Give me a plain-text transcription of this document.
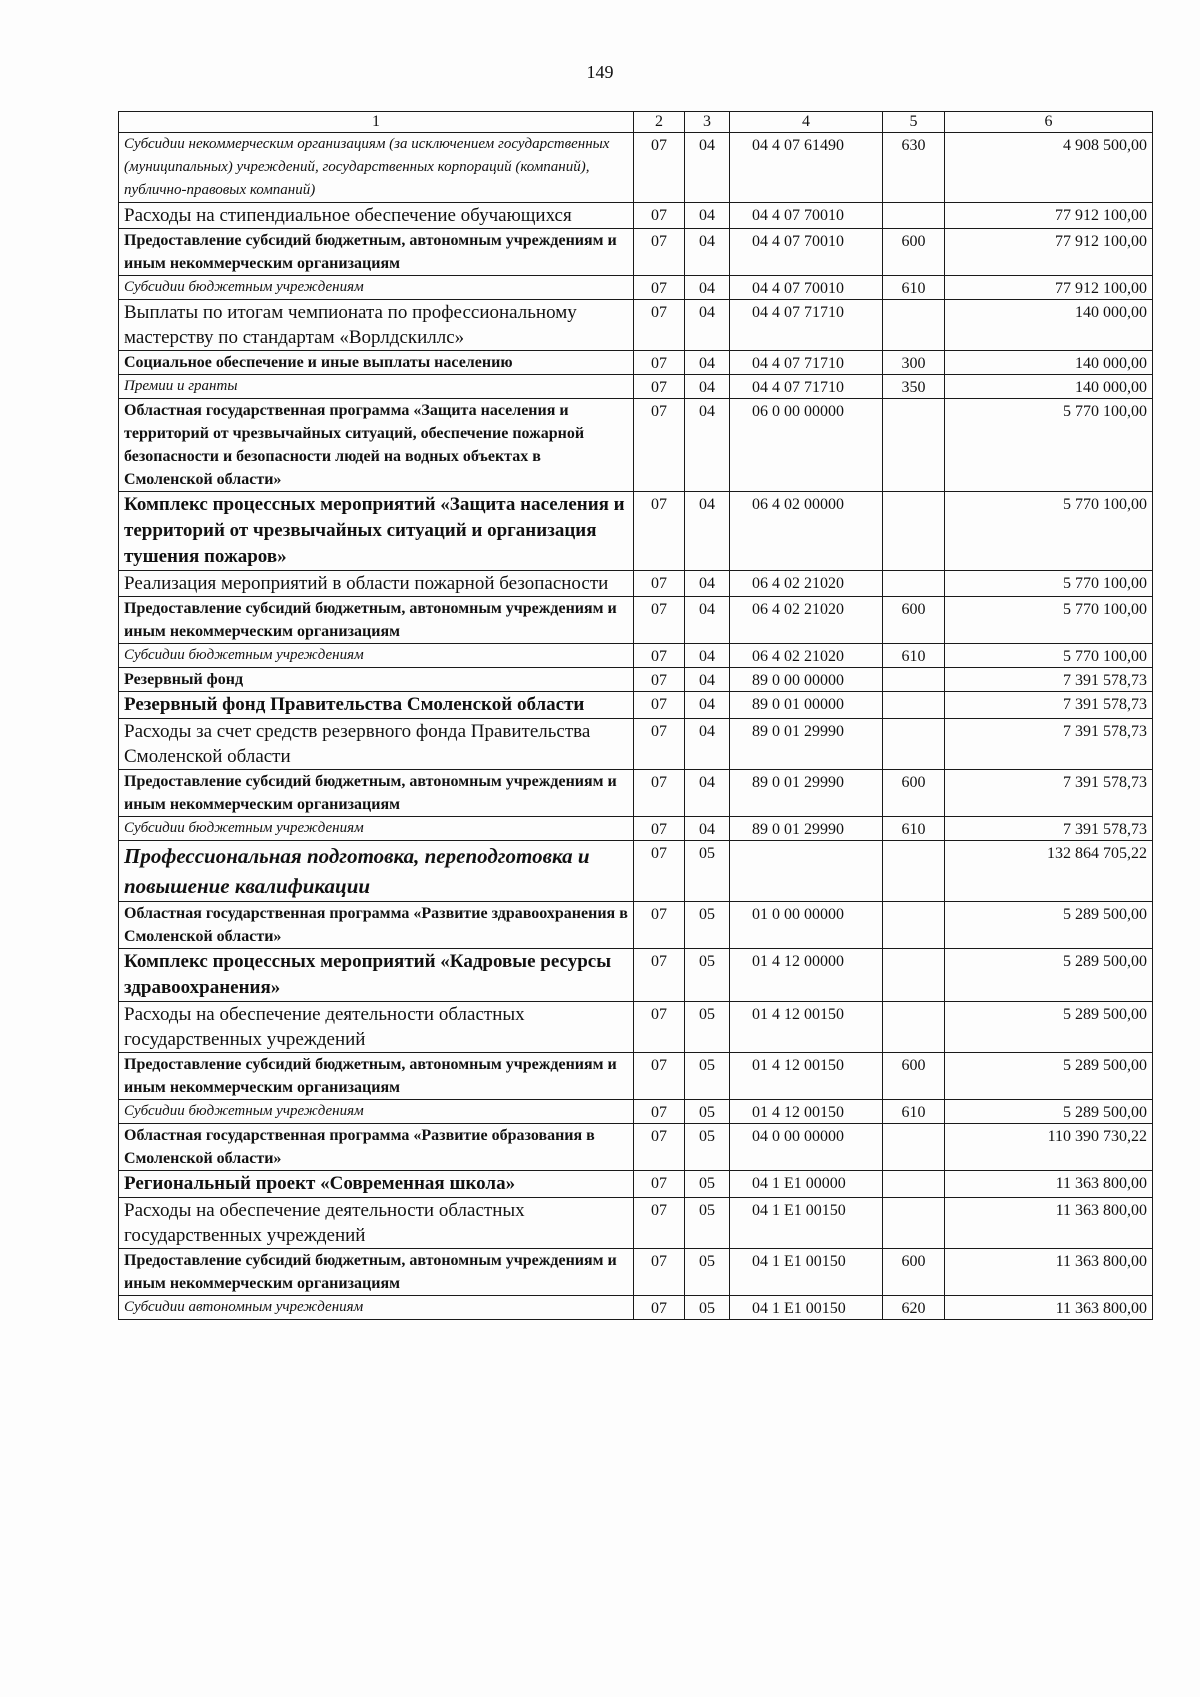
149
1	2	3	4	5	6
Субсидии некоммерческим организациям (за исключением государственных (муниципальных) учреждений, государственных корпораций (компаний), публично-правовых компаний)	07	04	04 4 07 61490	630	4 908 500,00
Расходы на стипендиальное обеспечение обучающихся	07	04	04 4 07 70010		77 912 100,00
Предоставление субсидий бюджетным, автономным учреждениям и иным некоммерческим организациям	07	04	04 4 07 70010	600	77 912 100,00
Субсидии бюджетным учреждениям	07	04	04 4 07 70010	610	77 912 100,00
Выплаты по итогам чемпионата по профессиональному мастерству по стандартам «Ворлдскиллс»	07	04	04 4 07 71710		140 000,00
Социальное обеспечение и иные выплаты населению	07	04	04 4 07 71710	300	140 000,00
Премии и гранты	07	04	04 4 07 71710	350	140 000,00
Областная государственная программа «Защита населения и территорий от чрезвычайных ситуаций, обеспечение пожарной безопасности и безопасности людей на водных объектах в Смоленской области»	07	04	06 0 00 00000		5 770 100,00
Комплекс процессных мероприятий «Защита населения и территорий от чрезвычайных ситуаций и организация тушения пожаров»	07	04	06 4 02 00000		5 770 100,00
Реализация мероприятий в области пожарной безопасности	07	04	06 4 02 21020		5 770 100,00
Предоставление субсидий бюджетным, автономным учреждениям и иным некоммерческим организациям	07	04	06 4 02 21020	600	5 770 100,00
Субсидии бюджетным учреждениям	07	04	06 4 02 21020	610	5 770 100,00
Резервный фонд	07	04	89 0 00 00000		7 391 578,73
Резервный фонд Правительства Смоленской области	07	04	89 0 01 00000		7 391 578,73
Расходы за счет средств резервного фонда Правительства Смоленской области	07	04	89 0 01 29990		7 391 578,73
Предоставление субсидий бюджетным, автономным учреждениям и иным некоммерческим организациям	07	04	89 0 01 29990	600	7 391 578,73
Субсидии бюджетным учреждениям	07	04	89 0 01 29990	610	7 391 578,73
Профессиональная подготовка, переподготовка и повышение квалификации	07	05			132 864 705,22
Областная государственная программа «Развитие здравоохранения в Смоленской области»	07	05	01 0 00 00000		5 289 500,00
Комплекс процессных мероприятий «Кадровые ресурсы здравоохранения»	07	05	01 4 12 00000		5 289 500,00
Расходы на обеспечение деятельности областных государственных учреждений	07	05	01 4 12 00150		5 289 500,00
Предоставление субсидий бюджетным, автономным учреждениям и иным некоммерческим организациям	07	05	01 4 12 00150	600	5 289 500,00
Субсидии бюджетным учреждениям	07	05	01 4 12 00150	610	5 289 500,00
Областная государственная программа «Развитие образования в Смоленской области»	07	05	04 0 00 00000		110 390 730,22
Региональный проект «Современная школа»	07	05	04 1 E1 00000		11 363 800,00
Расходы на обеспечение деятельности областных государственных учреждений	07	05	04 1 E1 00150		11 363 800,00
Предоставление субсидий бюджетным, автономным учреждениям и иным некоммерческим организациям	07	05	04 1 E1 00150	600	11 363 800,00
Субсидии автономным учреждениям	07	05	04 1 E1 00150	620	11 363 800,00
